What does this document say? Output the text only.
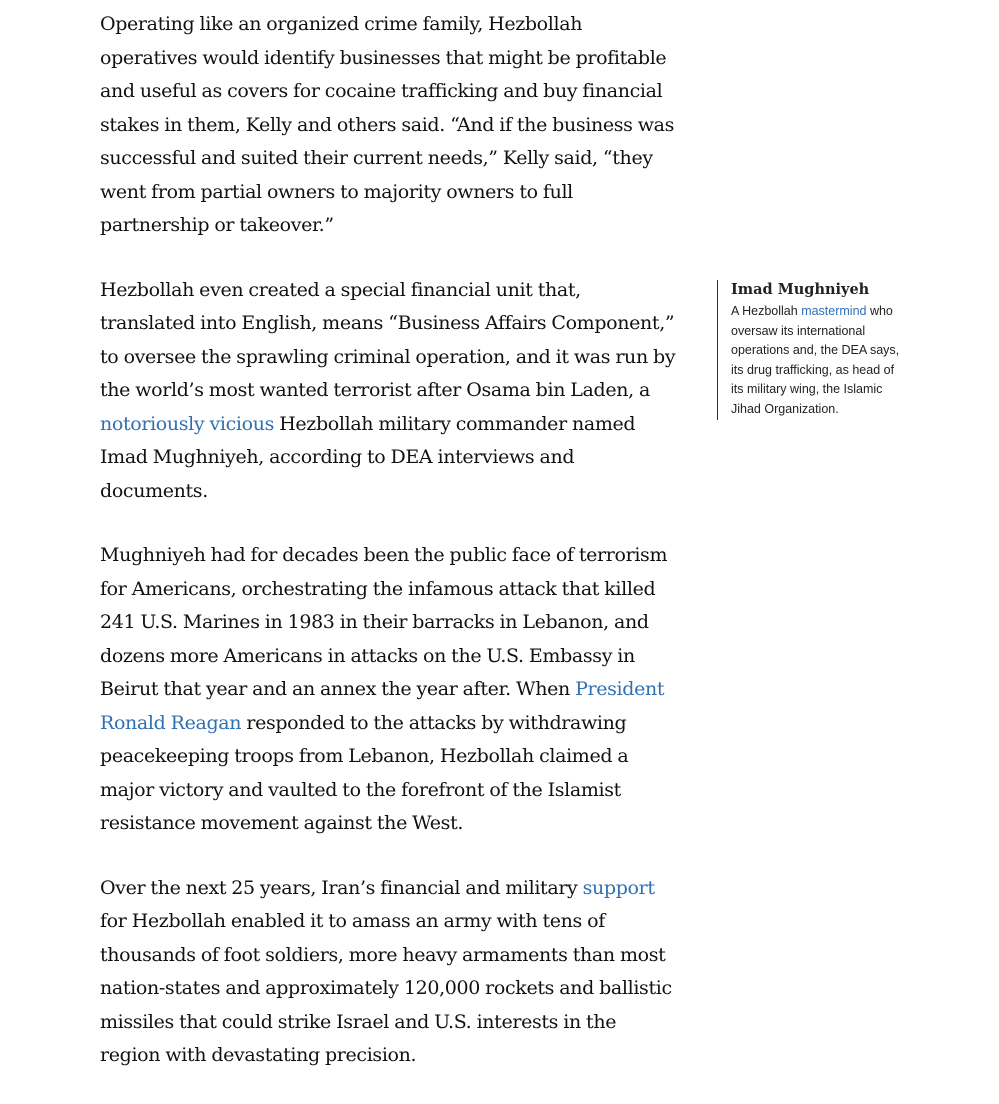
Operating like an organized crime family, Hezbollah operatives would identify businesses that might be profitable and useful as covers for cocaine trafficking and buy financial stakes in them, Kelly and others said. “And if the business was successful and suited their current needs,” Kelly said, “they went from partial owners to majority owners to full partnership or takeover.”

Hezbollah even created a special financial unit that, translated into English, means “Business Affairs Component,” to oversee the sprawling criminal operation, and it was run by the world’s most wanted terrorist after Osama bin Laden, a notoriously vicious Hezbollah military commander named Imad Mughniyeh, according to DEA interviews and documents.

Mughniyeh had for decades been the public face of terrorism for Americans, orchestrating the infamous attack that killed 241 U.S. Marines in 1983 in their barracks in Lebanon, and dozens more Americans in attacks on the U.S. Embassy in Beirut that year and an annex the year after. When President Ronald Reagan responded to the attacks by withdrawing peacekeeping troops from Lebanon, Hezbollah claimed a major victory and vaulted to the forefront of the Islamist resistance movement against the West.

Over the next 25 years, Iran’s financial and military support for Hezbollah enabled it to amass an army with tens of thousands of foot soldiers, more heavy armaments than most nation-states and approximately 120,000 rockets and ballistic missiles that could strike Israel and U.S. interests in the region with devastating precision.

Imad Mughniyeh

A Hezbollah mastermind who oversaw its international operations and, the DEA says, its drug trafficking, as head of its military wing, the Islamic Jihad Organization.
